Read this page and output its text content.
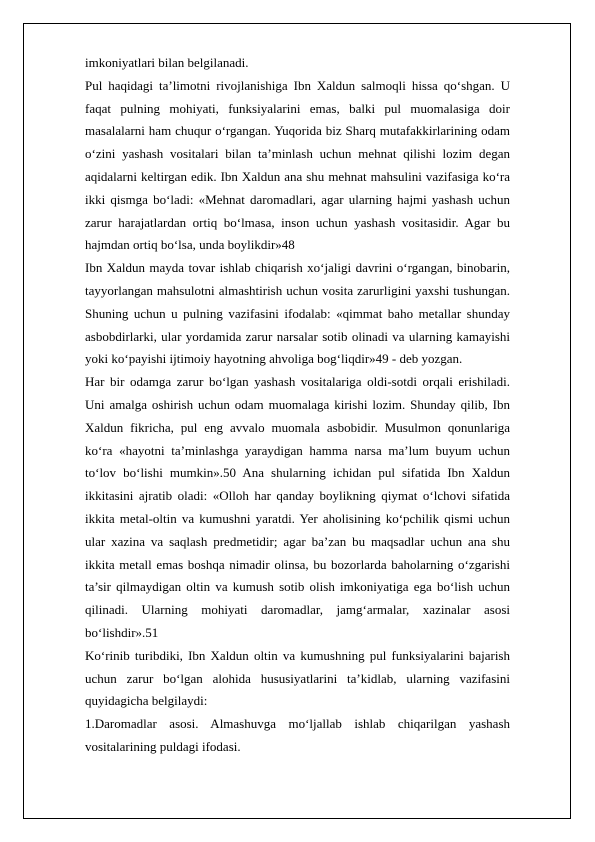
imkoniyatlari bilan belgilanadi.

Pul haqidagi ta’limotni rivojlanishiga Ibn Xaldun salmoqli hissa qo‘shgan. U faqat pulning mohiyati, funksiyalarini emas, balki pul muomalasiga doir masalalarni ham chuqur o‘rgangan. Yuqorida biz Sharq mutafakkirlarining odam o‘zini yashash vositalari bilan ta’minlash uchun mehnat qilishi lozim degan aqidalarni keltirgan edik. Ibn Xaldun ana shu mehnat mahsulini vazifasiga ko‘ra ikki qismga bo‘ladi: «Mehnat daromadlari, agar ularning hajmi yashash uchun zarur harajatlardan ortiq bo‘lmasa, inson uchun yashash vositasidir. Agar bu hajmdan ortiq bo‘lsa, unda boylikdir»48

Ibn Xaldun mayda tovar ishlab chiqarish xo‘jaligi davrini o‘rgangan, binobarin, tayyorlangan mahsulotni almashtirish uchun vosita zarurligini yaxshi tushungan. Shuning uchun u pulning vazifasini ifodalab: «qimmat baho metallar shunday asbobdirlarki, ular yordamida zarur narsalar sotib olinadi va ularning kamayishi yoki ko‘payishi ijtimoiy hayotning ahvoliga bog‘liqdir»49 - deb yozgan.

Har bir odamga zarur bo‘lgan yashash vositalariga oldi-sotdi orqali erishiladi. Uni amalga oshirish uchun odam muomalaga kirishi lozim. Shunday qilib, Ibn Xaldun fikricha, pul eng avvalo muomala asbobidir. Musulmon qonunlariga ko‘ra «hayotni ta’minlashga yaraydigan hamma narsa ma’lum buyum uchun to‘lov bo‘lishi mumkin».50 Ana shularning ichidan pul sifatida Ibn Xaldun ikkitasini ajratib oladi: «Olloh har qanday boylikning qiymat o‘lchovi sifatida ikkita metal-oltin va kumushni yaratdi. Yer aholisining ko‘pchilik qismi uchun ular xazina va saqlash predmetidir; agar ba’zan bu maqsadlar uchun ana shu ikkita metall emas boshqa nimadir olinsa, bu bozorlarda baholarning o‘zgarishi ta’sir qilmaydigan oltin va kumush sotib olish imkoniyatiga ega bo‘lish uchun qilinadi. Ularning mohiyati daromadlar, jamg‘armalar, xazinalar asosi bo‘lishdir».51

Ko‘rinib turibdiki, Ibn Xaldun oltin va kumushning pul funksiyalarini bajarish uchun zarur bo‘lgan alohida hususiyatlarini ta’kidlab, ularning vazifasini quyidagicha belgilaydi:

1.Daromadlar asosi. Almashuvga mo‘ljallab ishlab chiqarilgan yashash vositalarining puldagi ifodasi.
